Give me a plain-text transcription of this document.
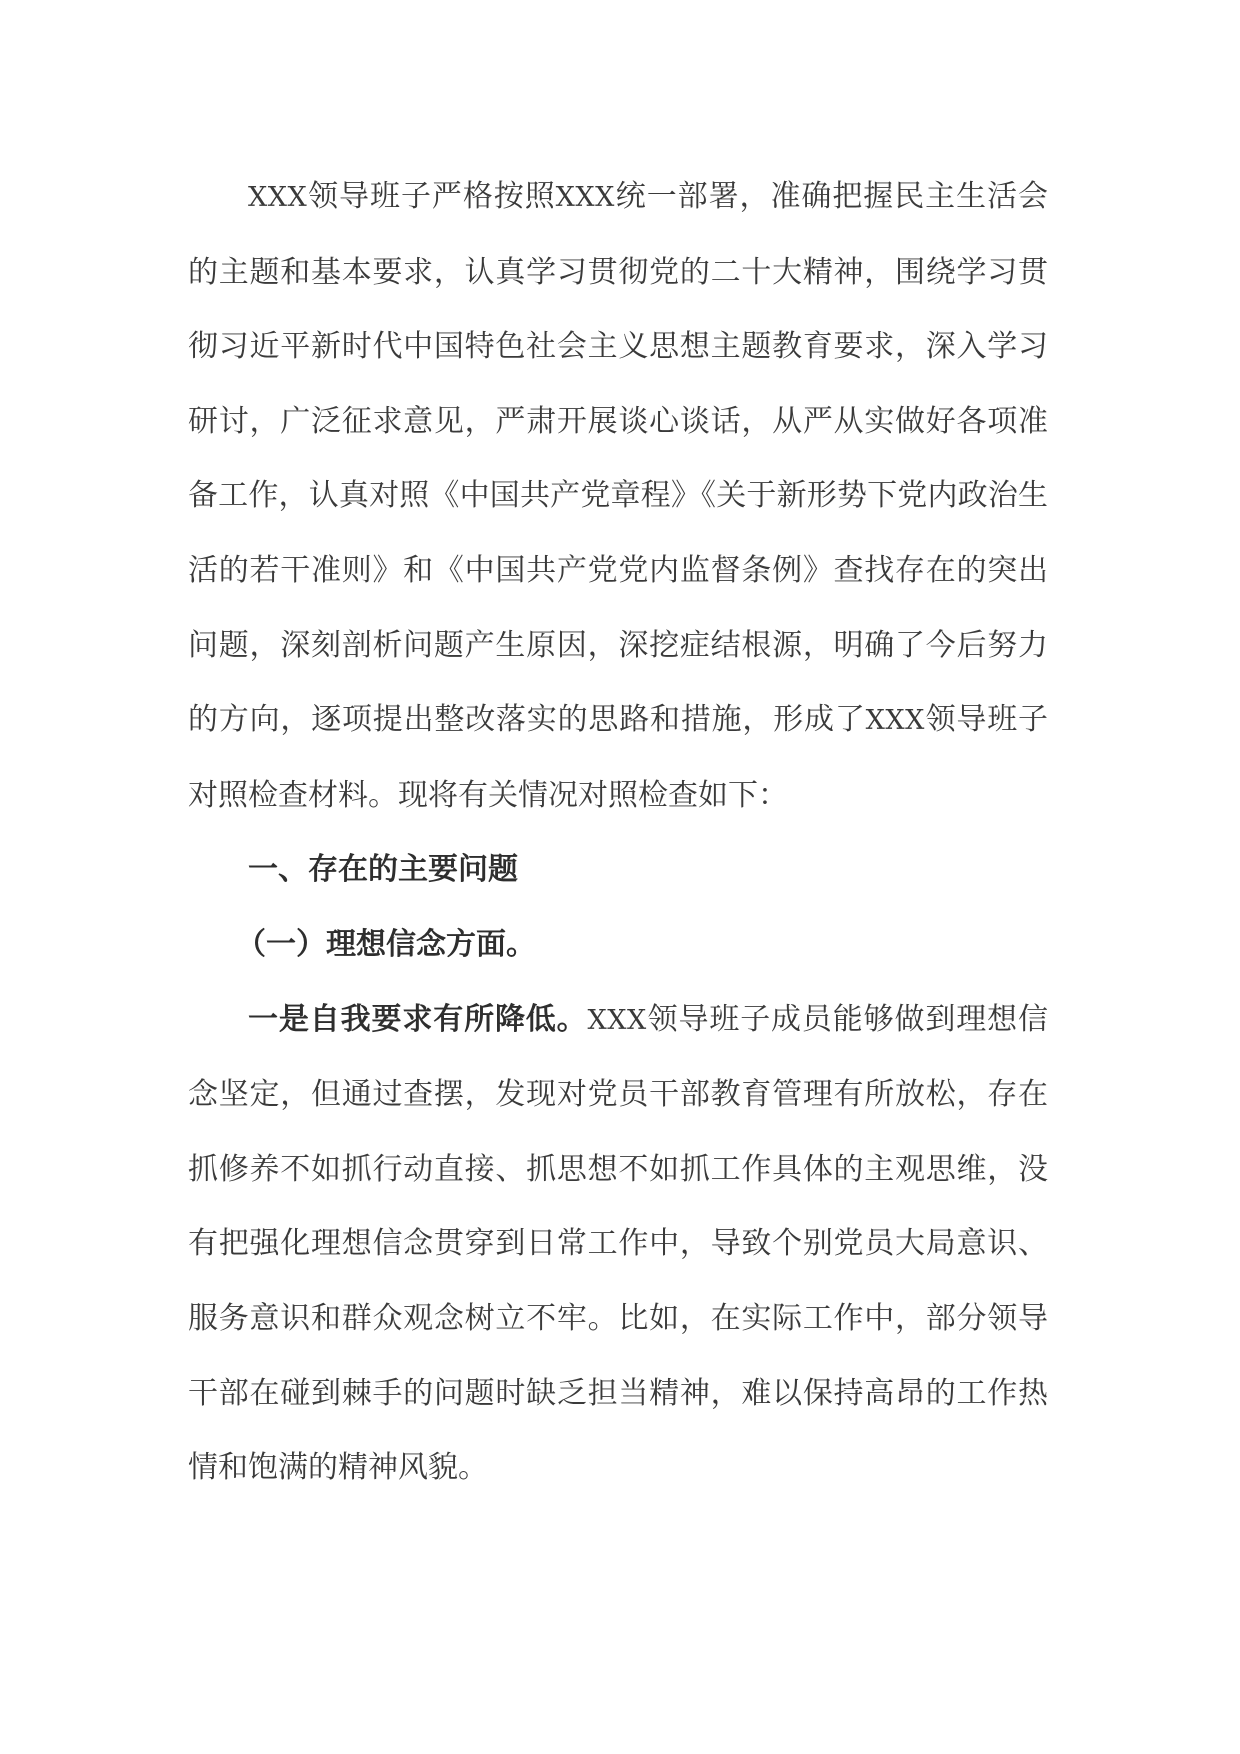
XXX领导班子严格按照XXX统一部署，准确把握民主生活会的主题和基本要求，认真学习贯彻党的二十大精神，围绕学习贯彻习近平新时代中国特色社会主义思想主题教育要求，深入学习研讨，广泛征求意见，严肃开展谈心谈话，从严从实做好各项准备工作，认真对照《中国共产党章程》《关于新形势下党内政治生活的若干准则》和《中国共产党党内监督条例》查找存在的突出问题，深刻剖析问题产生原因，深挖症结根源，明确了今后努力的方向，逐项提出整改落实的思路和措施，形成了XXX领导班子对照检查材料。现将有关情况对照检查如下：

一、存在的主要问题

（一）理想信念方面。

一是自我要求有所降低。XXX领导班子成员能够做到理想信念坚定，但通过查摆，发现对党员干部教育管理有所放松，存在抓修养不如抓行动直接、抓思想不如抓工作具体的主观思维，没有把强化理想信念贯穿到日常工作中，导致个别党员大局意识、服务意识和群众观念树立不牢。比如，在实际工作中，部分领导干部在碰到棘手的问题时缺乏担当精神，难以保持高昂的工作热情和饱满的精神风貌。
